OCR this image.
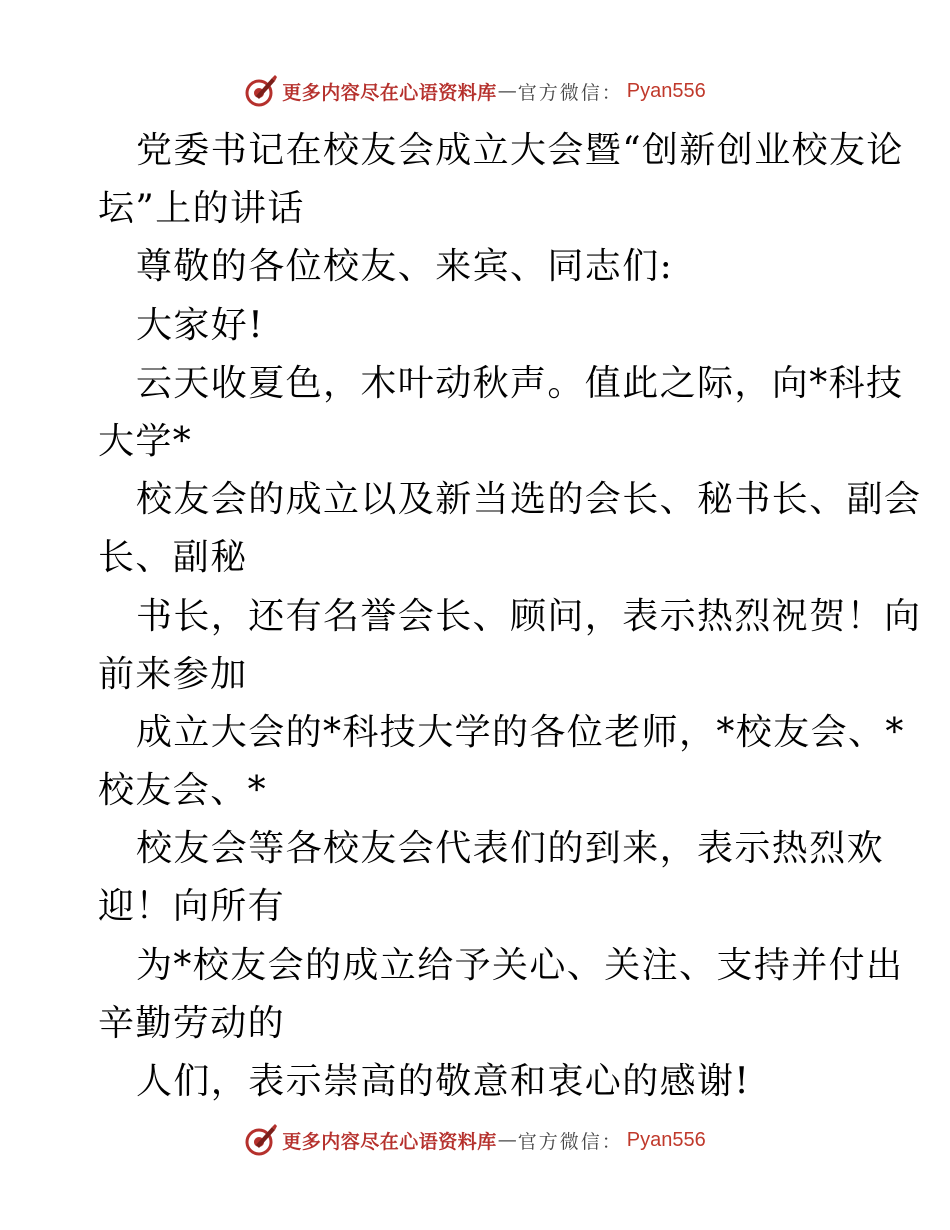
更多内容尽在心语资料库 — 官方微信 ： Pyan556
党委书记在校友会成立大会暨“创新创业校友论
坛”上的讲话
尊敬的各位校友、来宾、同志们:
大家好!
云天收夏色，木叶动秋声。值此之际，向*科技
大学*
校友会的成立以及新当选的会长、秘书长、副会
长、副秘
书长，还有名誉会长、顾问，表示热烈祝贺！向
前来参加
成立大会的*科技大学的各位老师，*校友会、*
校友会、*
校友会等各校友会代表们的到来，表示热烈欢
迎！向所有
为*校友会的成立给予关心、关注、支持并付出
辛勤劳动的
人们，表示崇高的敬意和衷心的感谢!
更多内容尽在心语资料库 — 官方微信 ： Pyan556
